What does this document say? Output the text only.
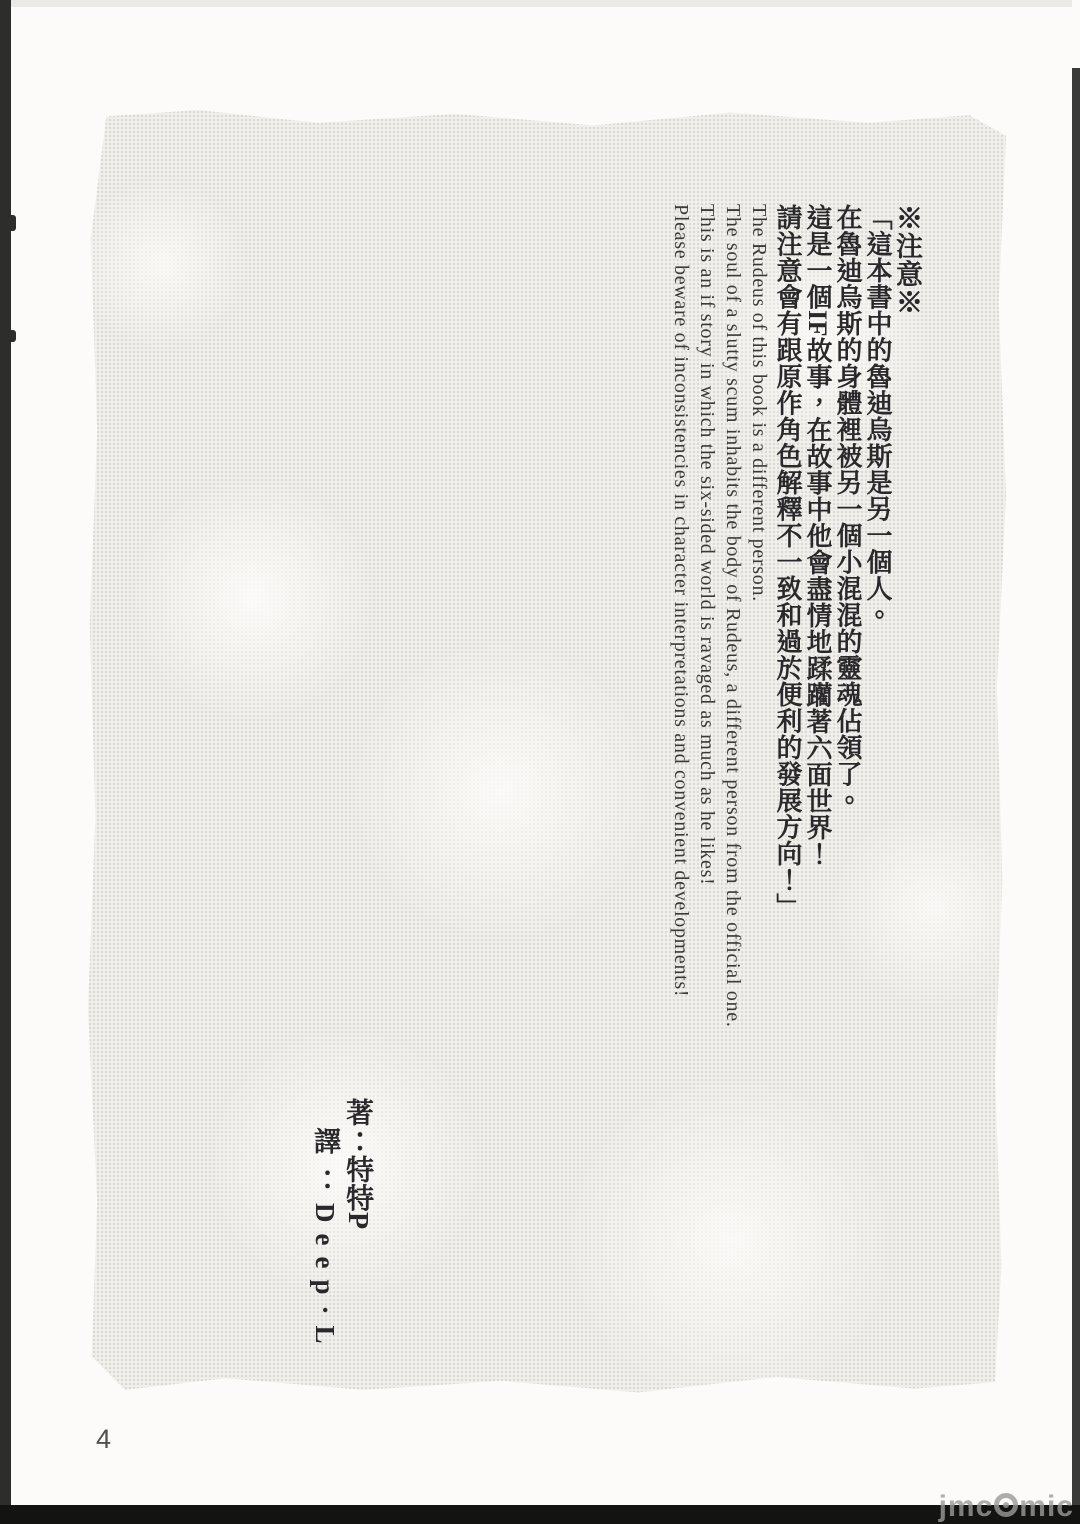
※注意※

「這本書中的魯迪烏斯是另一個人。

在魯迪烏斯的身體裡被另一個小混混的靈魂佔領了。

這是一個IF故事，在故事中他會盡情地蹂躪著六面世界！

請注意會有跟原作角色解釋不一致和過於便利的發展方向！」

The Rudeus of this book is a different person.

The soul of a slutty scum inhabits the body of Rudeus, a different person from the official one.

This is an if story in which the six-sided world is ravaged as much as he likes!

Please beware of inconsistencies in character interpretations and convenient developments!

著：特特P

譯：Deep·L

4
jmc mic
